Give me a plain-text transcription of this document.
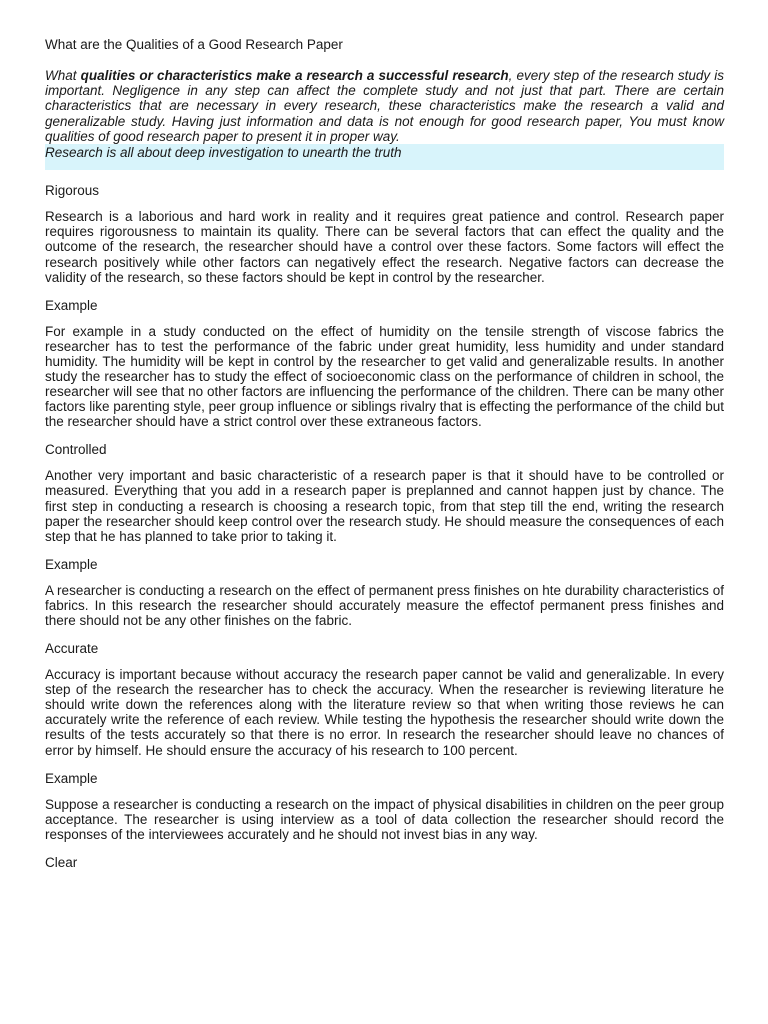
What are the Qualities of a Good Research Paper

What qualities or characteristics make a research a successful research, every step of the research study is important. Negligence in any step can affect the complete study and not just that part. There are certain characteristics that are necessary in every research, these characteristics make the research a valid and generalizable study. Having just information and data is not enough for good research paper, You must know qualities of good research paper to present it in proper way.

Research is all about deep investigation to unearth the truth
Rigorous

Research is a laborious and hard work in reality and it requires great patience and control. Research paper requires rigorousness to maintain its quality. There can be several factors that can effect the quality and the outcome of the research, the researcher should have a control over these factors. Some factors will effect the research positively while other factors can negatively effect the research. Negative factors can decrease the validity of the research, so these factors should be kept in control by the researcher.

Example

For example in a study conducted on the effect of humidity on the tensile strength of viscose fabrics the researcher has to test the performance of the fabric under great humidity, less humidity and under standard humidity. The humidity will be kept in control by the researcher to get valid and generalizable results. In another study the researcher has to study the effect of socioeconomic class on the performance of children in school, the researcher will see that no other factors are influencing the performance of the children. There can be many other factors like parenting style, peer group influence or siblings rivalry that is effecting the performance of the child but the researcher should have a strict control over these extraneous factors.

Controlled

Another very important and basic characteristic of a research paper is that it should have to be controlled or measured. Everything that you add in a research paper is preplanned and cannot happen just by chance. The first step in conducting a research is choosing a research topic, from that step till the end, writing the research paper the researcher should keep control over the research study. He should measure the consequences of each step that he has planned to take prior to taking it.

Example

A researcher is conducting a research on the effect of permanent press finishes on hte durability characteristics of fabrics. In this research the researcher should accurately measure the effectof permanent press finishes and there should not be any other finishes on the fabric.

Accurate

Accuracy is important because without accuracy the research paper cannot be valid and generalizable. In every step of the research the researcher has to check the accuracy. When the researcher is reviewing literature he should write down the references along with the literature review so that when writing those reviews he can accurately write the reference of each review. While testing the hypothesis the researcher should write down the results of the tests accurately so that there is no error. In research the researcher should leave no chances of error by himself. He should ensure the accuracy of his research to 100 percent.

Example

Suppose a researcher is conducting a research on the impact of physical disabilities in children on the peer group acceptance. The researcher is using interview as a tool of data collection the researcher should record the responses of the interviewees accurately and he should not invest bias in any way.

Clear
